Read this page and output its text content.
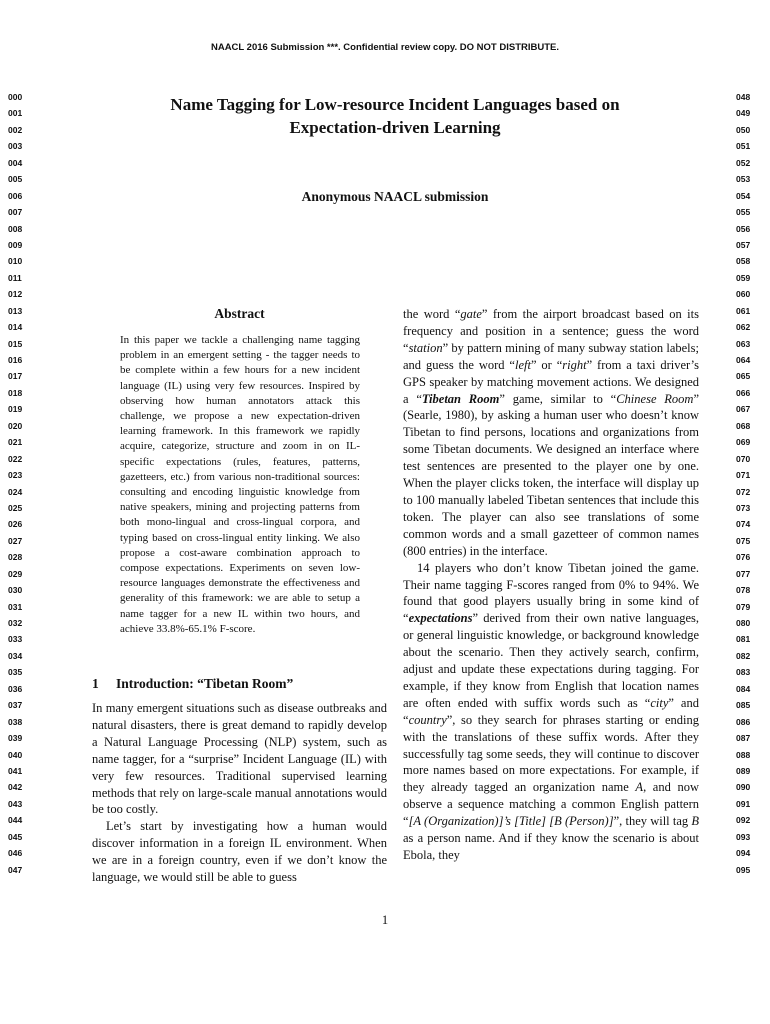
NAACL 2016 Submission ***. Confidential review copy. DO NOT DISTRIBUTE.
000
001
002
003
004
005
006
007
008
009
010
011
012
013
014
015
016
017
018
019
020
021
022
023
024
025
026
027
028
029
030
031
032
033
034
035
036
037
038
039
040
041
042
043
044
045
046
047
048
049
050
051
052
053
054
055
056
057
058
059
060
061
062
063
064
065
066
067
068
069
070
071
072
073
074
075
076
077
078
079
080
081
082
083
084
085
086
087
088
089
090
091
092
093
094
095
Name Tagging for Low-resource Incident Languages based on
Expectation-driven Learning
Anonymous NAACL submission
Abstract
In this paper we tackle a challenging name tagging problem in an emergent setting - the tagger needs to be complete within a few hours for a new incident language (IL) using very few resources. Inspired by observing how human annotators attack this challenge, we propose a new expectation-driven learning framework. In this framework we rapidly acquire, categorize, structure and zoom in on IL-specific expectations (rules, features, patterns, gazetteers, etc.) from various non-traditional sources: consulting and encoding linguistic knowledge from native speakers, mining and projecting patterns from both mono-lingual and cross-lingual corpora, and typing based on cross-lingual entity linking. We also propose a cost-aware combination approach to compose expectations. Experiments on seven low-resource languages demonstrate the effectiveness and generality of this framework: we are able to setup a name tagger for a new IL within two hours, and achieve 33.8%-65.1% F-score.
1 Introduction: “Tibetan Room”

In many emergent situations such as disease outbreaks and natural disasters, there is great demand to rapidly develop a Natural Language Processing (NLP) system, such as name tagger, for a “surprise” Incident Language (IL) with very few resources. Traditional supervised learning methods that rely on large-scale manual annotations would be too costly.

Let’s start by investigating how a human would discover information in a foreign IL environment. When we are in a foreign country, even if we don’t know the language, we would still be able to guess

the word “gate” from the airport broadcast based on its frequency and position in a sentence; guess the word “station” by pattern mining of many subway station labels; and guess the word “left” or “right” from a taxi driver’s GPS speaker by matching movement actions. We designed a “Tibetan Room” game, similar to “Chinese Room” (Searle, 1980), by asking a human user who doesn’t know Tibetan to find persons, locations and organizations from some Tibetan documents. We designed an interface where test sentences are presented to the player one by one. When the player clicks token, the interface will display up to 100 manually labeled Tibetan sentences that include this token. The player can also see translations of some common words and a small gazetteer of common names (800 entries) in the interface.

14 players who don’t know Tibetan joined the game. Their name tagging F-scores ranged from 0% to 94%. We found that good players usually bring in some kind of “expectations” derived from their own native languages, or general linguistic knowledge, or background knowledge about the scenario. Then they actively search, confirm, adjust and update these expectations during tagging. For example, if they know from English that location names are often ended with suffix words such as “city” and “country”, so they search for phrases starting or ending with the translations of these suffix words. After they successfully tag some seeds, they will continue to discover more names based on more expectations. For example, if they already tagged an organization name A, and now observe a sequence matching a common English pattern “[A (Organization)]’s [Title] [B (Person)]”, they will tag B as a person name. And if they know the scenario is about Ebola, they

1
